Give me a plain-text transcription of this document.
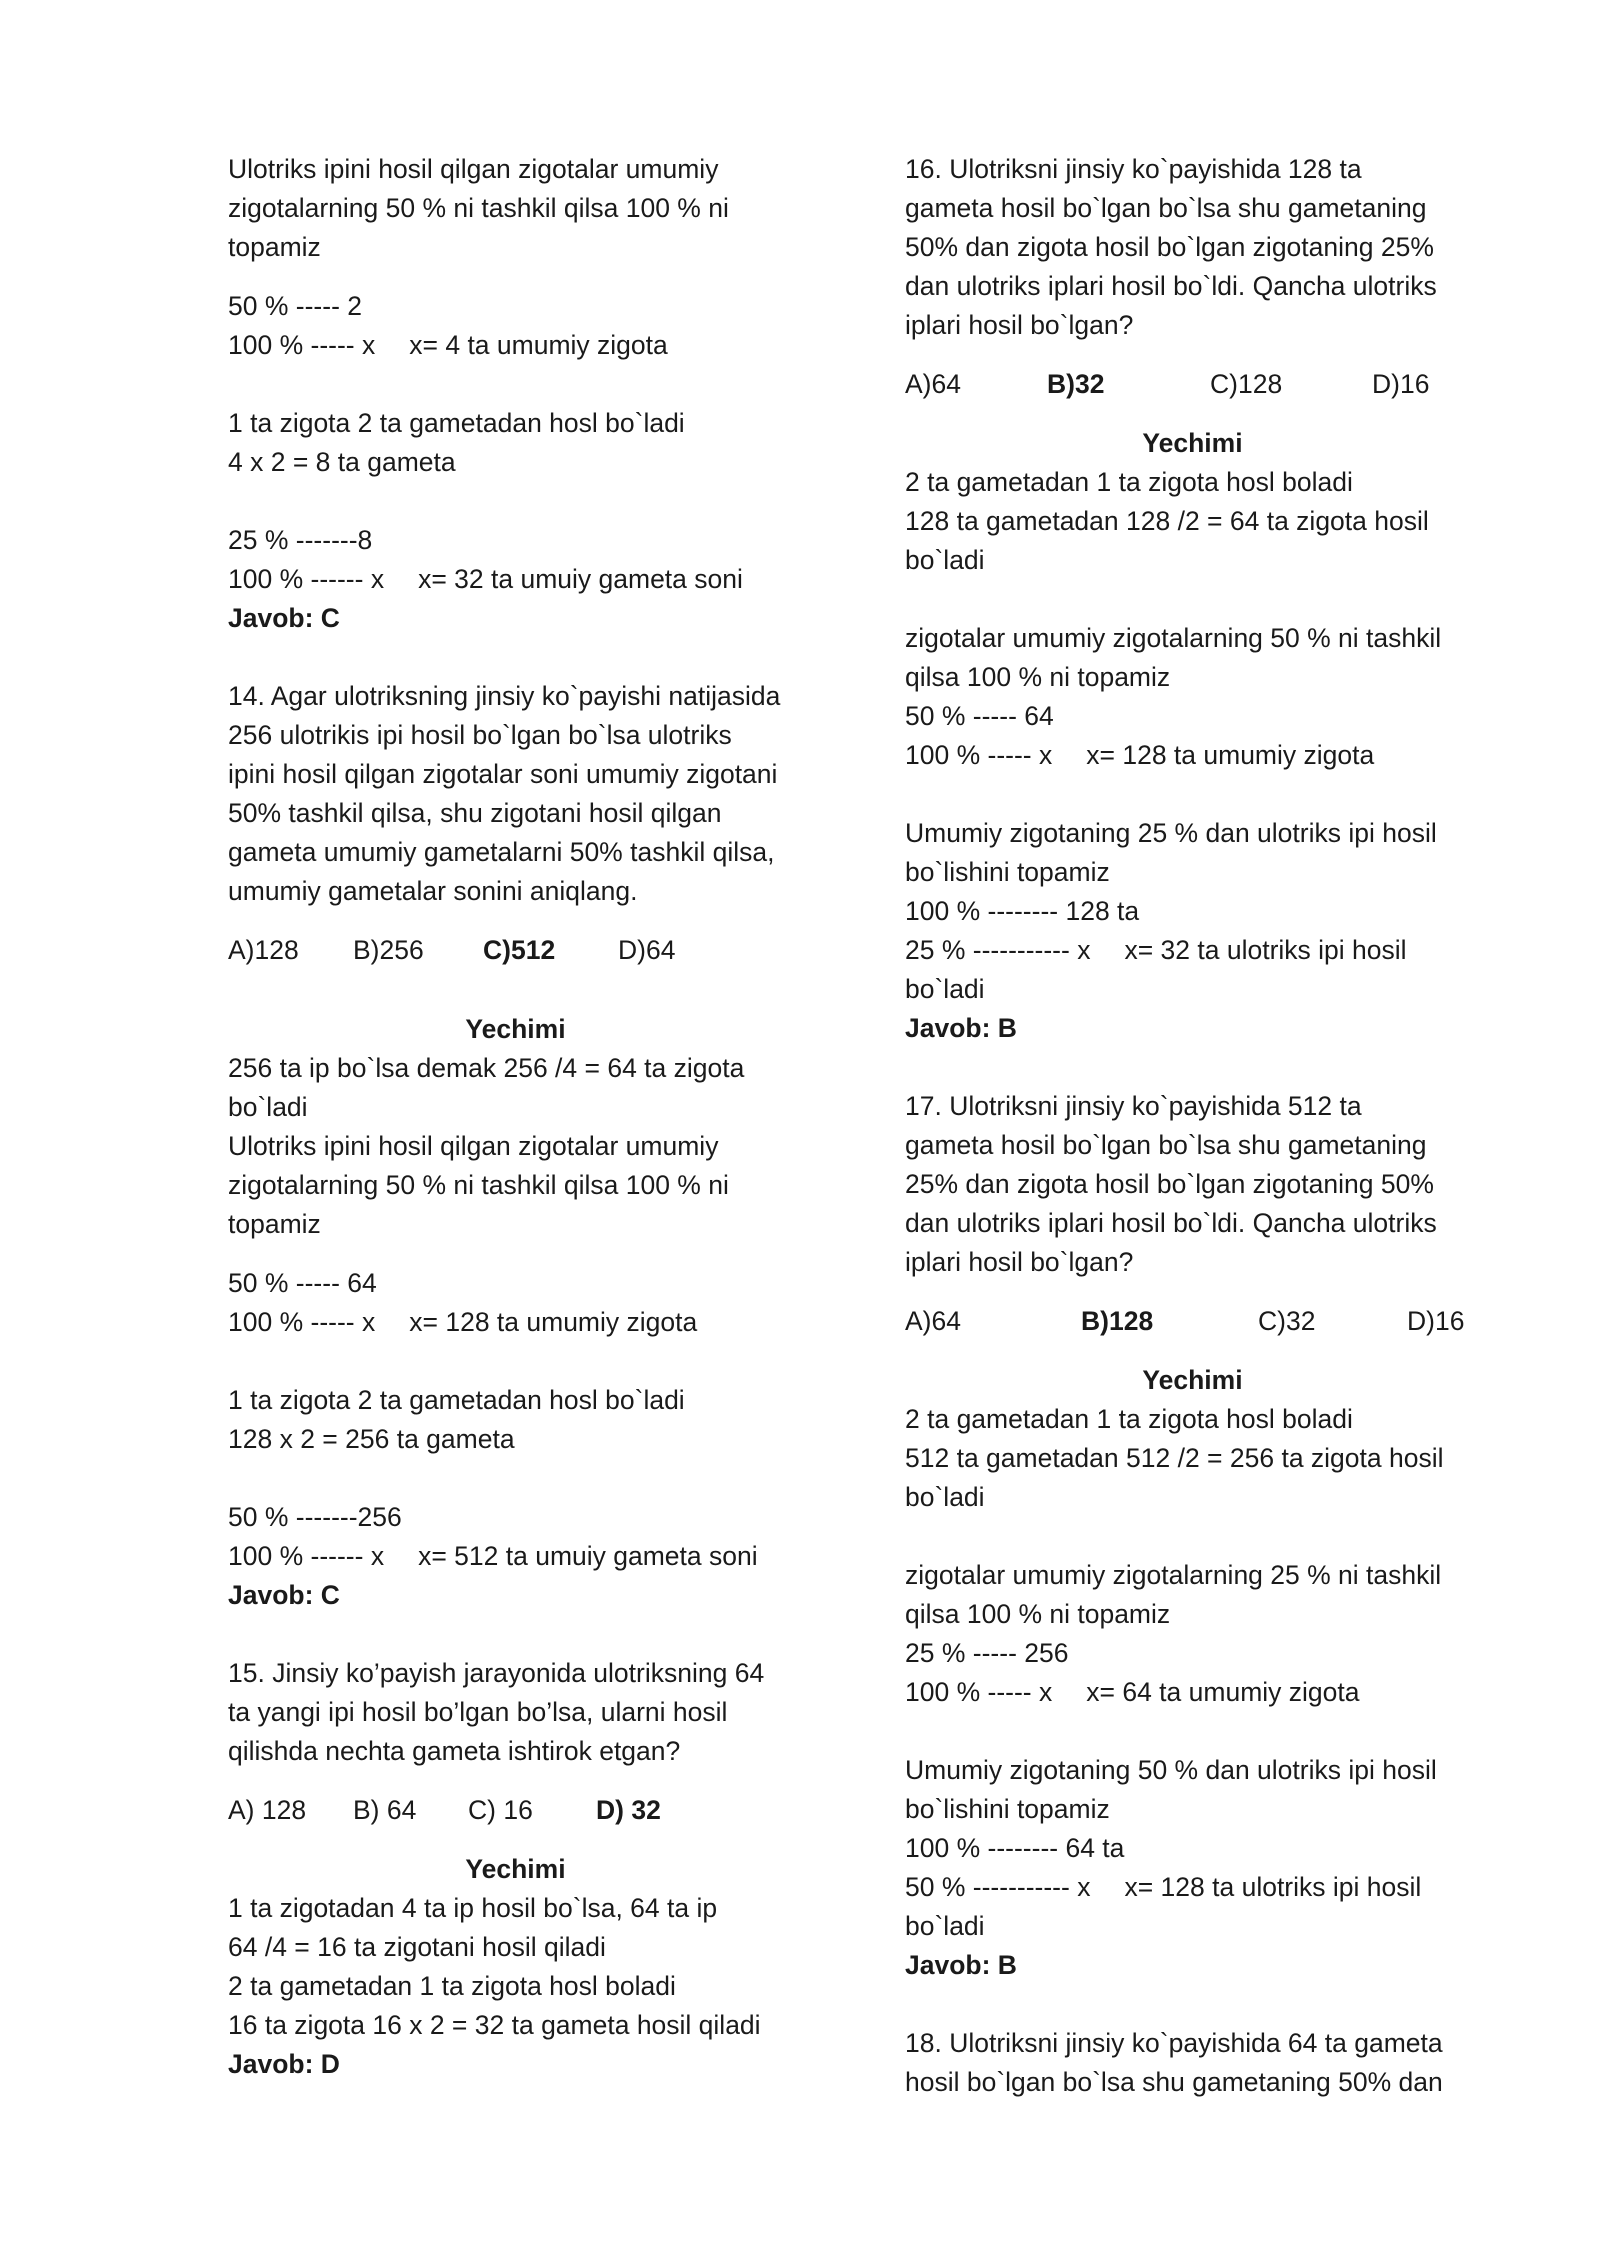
Ulotriks ipini hosil qilgan zigotalar umumiy
zigotalarning 50 % ni tashkil qilsa 100 % ni
topamiz

50 % ----- 2
100 % ----- x x= 4 ta umumiy zigota

1 ta zigota 2 ta gametadan hosl bo`ladi
4 x 2 = 8 ta gameta

25 % -------8
100 % ------ x x= 32 ta umuiy gameta soni
Javob: C

14. Agar ulotriksning jinsiy ko`payishi natijasida
256 ulotrikis ipi hosil bo`lgan bo`lsa ulotriks
ipini hosil qilgan zigotalar soni umumiy zigotani
50% tashkil qilsa, shu zigotani hosil qilgan
gameta umumiy gametalarni 50% tashkil qilsa,
umumiy gametalar sonini aniqlang.

A)128 B)256 C)512 D)64

Yechimi

256 ta ip bo`lsa demak 256 /4 = 64 ta zigota
bo`ladi
Ulotriks ipini hosil qilgan zigotalar umumiy
zigotalarning 50 % ni tashkil qilsa 100 % ni
topamiz

50 % ----- 64
100 % ----- x x= 128 ta umumiy zigota

1 ta zigota 2 ta gametadan hosl bo`ladi
128 x 2 = 256 ta gameta

50 % -------256
100 % ------ x x= 512 ta umuiy gameta soni
Javob: C

15. Jinsiy ko’payish jarayonida ulotriksning 64
ta yangi ipi hosil bo’lgan bo’lsa, ularni hosil
qilishda nechta gameta ishtirok etgan?

A) 128 B) 64 C) 16 D) 32

Yechimi

1 ta zigotadan 4 ta ip hosil bo`lsa, 64 ta ip
64 /4 = 16 ta zigotani hosil qiladi
2 ta gametadan 1 ta zigota hosl boladi
16 ta zigota 16 x 2 = 32 ta gameta hosil qiladi
Javob: D

16. Ulotriksni jinsiy ko`payishida 128 ta
gameta hosil bo`lgan bo`lsa shu gametaning
50% dan zigota hosil bo`lgan zigotaning 25%
dan ulotriks iplari hosil bo`ldi. Qancha ulotriks
iplari hosil bo`lgan?

A)64	B)32	C)128	D)16

Yechimi

2 ta gametadan 1 ta zigota hosl boladi
128 ta gametadan 128 /2 = 64 ta zigota hosil
bo`ladi

zigotalar umumiy zigotalarning 50 % ni tashkil
qilsa 100 % ni topamiz
50 % ----- 64
100 % ----- x x= 128 ta umumiy zigota

Umumiy zigotaning 25 % dan ulotriks ipi hosil
bo`lishini topamiz
100 % -------- 128 ta
25 % ----------- x x= 32 ta ulotriks ipi hosil
bo`ladi
Javob: B

17. Ulotriksni jinsiy ko`payishida 512 ta
gameta hosil bo`lgan bo`lsa shu gametaning
25% dan zigota hosil bo`lgan zigotaning 50%
dan ulotriks iplari hosil bo`ldi. Qancha ulotriks
iplari hosil bo`lgan?

A)64	B)128	C)32	D)16

Yechimi

2 ta gametadan 1 ta zigota hosl boladi
512 ta gametadan 512 /2 = 256 ta zigota hosil
bo`ladi

zigotalar umumiy zigotalarning 25 % ni tashkil
qilsa 100 % ni topamiz
25 % ----- 256
100 % ----- x x= 64 ta umumiy zigota

Umumiy zigotaning 50 % dan ulotriks ipi hosil
bo`lishini topamiz
100 % -------- 64 ta
50 % ----------- x x= 128 ta ulotriks ipi hosil
bo`ladi
Javob: B

18. Ulotriksni jinsiy ko`payishida 64 ta gameta
hosil bo`lgan bo`lsa shu gametaning 50% dan
